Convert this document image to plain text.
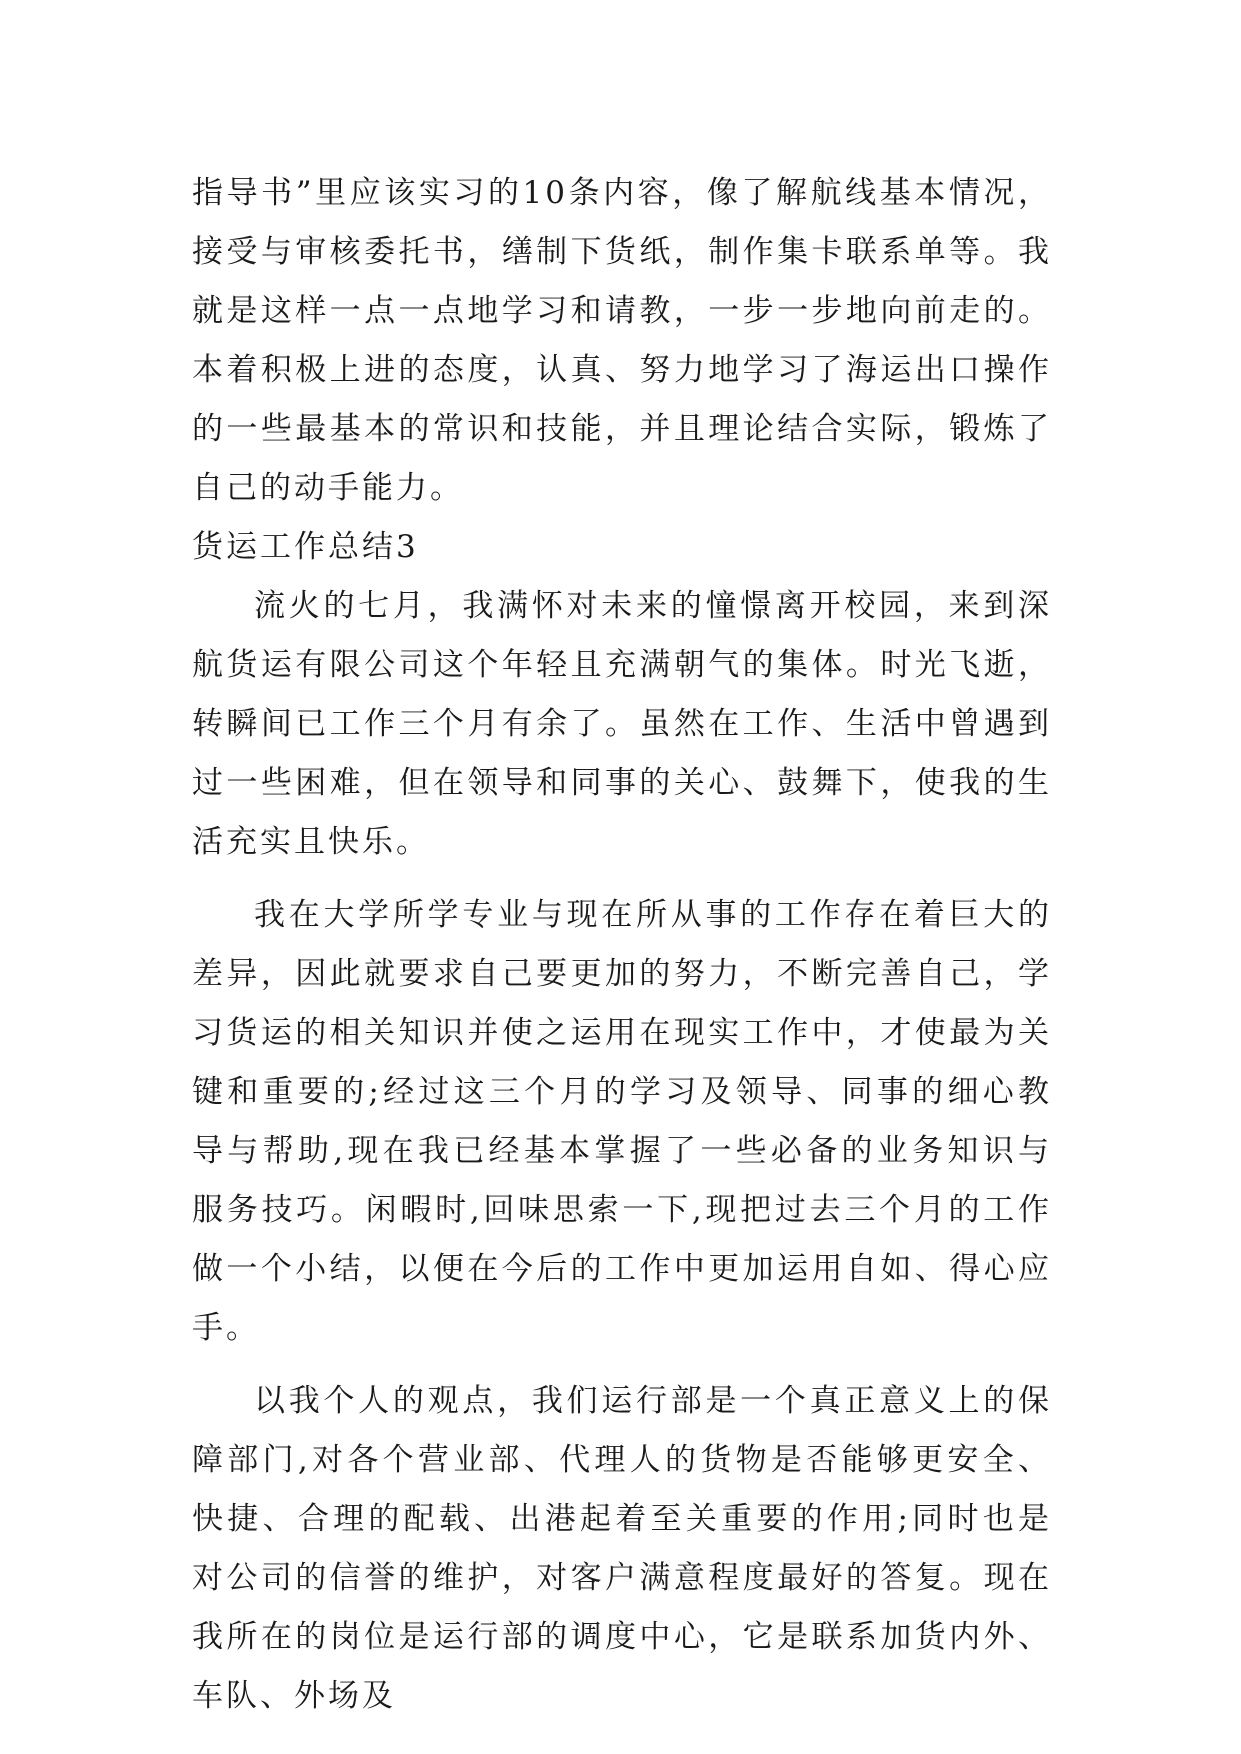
指导书”里应该实习的10条内容，像了解航线基本情况，接受与审核委托书，缮制下货纸，制作集卡联系单等。我就是这样一点一点地学习和请教，一步一步地向前走的。本着积极上进的态度，认真、努力地学习了海运出口操作的一些最基本的常识和技能，并且理论结合实际，锻炼了自己的动手能力。

货运工作总结3

流火的七月，我满怀对未来的憧憬离开校园，来到深航货运有限公司这个年轻且充满朝气的集体。时光飞逝，转瞬间已工作三个月有余了。虽然在工作、生活中曾遇到过一些困难，但在领导和同事的关心、鼓舞下，使我的生活充实且快乐。

我在大学所学专业与现在所从事的工作存在着巨大的差异，因此就要求自己要更加的努力，不断完善自己，学习货运的相关知识并使之运用在现实工作中，才使最为关键和重要的;经过这三个月的学习及领导、同事的细心教导与帮助,现在我已经基本掌握了一些必备的业务知识与服务技巧。闲暇时,回味思索一下,现把过去三个月的工作做一个小结，以便在今后的工作中更加运用自如、得心应手。

以我个人的观点，我们运行部是一个真正意义上的保障部门,对各个营业部、代理人的货物是否能够更安全、快捷、合理的配载、出港起着至关重要的作用;同时也是对公司的信誉的维护，对客户满意程度最好的答复。现在我所在的岗位是运行部的调度中心，它是联系加货内外、车队、外场及
